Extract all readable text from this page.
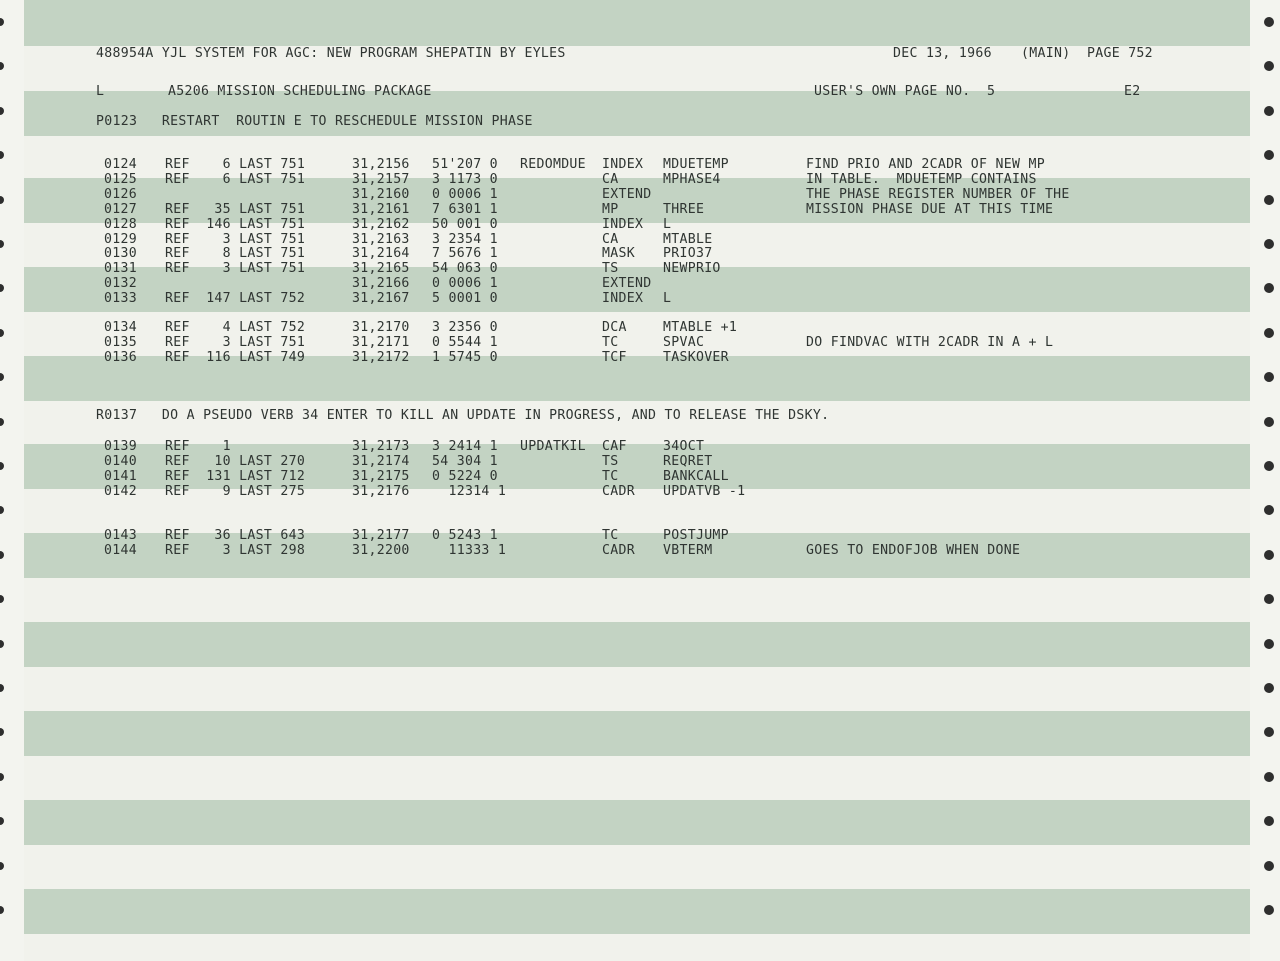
488954A YJL SYSTEM FOR AGC: NEW PROGRAM SHEPATIN BY EYLES	DEC 13, 1966 (MAIN) PAGE 752
L	A5206 MISSION SCHEDULING PACKAGE	USER'S OWN PAGE NO.  5	E2
P0123   RESTART  ROUTIN E TO RESCHEDULE MISSION PHASE
0124 REF    6 LAST 751	31,2156 51'207 0 REDOMDUE INDEX MDUETEMP	FIND PRIO AND 2CADR OF NEW MP
0125 REF    6 LAST 751	31,2157 3 1173 0	CA	MPHASE4	IN TABLE.  MDUETEMP CONTAINS
0126	31,2160 0 0006 1	EXTEND	THE PHASE REGISTER NUMBER OF THE
0127 REF   35 LAST 751	31,2161 7 6301 1	MP	THREE	MISSION PHASE DUE AT THIS TIME
0128 REF  146 LAST 751	31,2162 50 001 0	INDEX L
0129 REF    3 LAST 751	31,2163 3 2354 1	CA	MTABLE
0130 REF    8 LAST 751	31,2164 7 5676 1	MASK PRIO37
0131 REF    3 LAST 751	31,2165 54 063 0	TS	NEWPRIO
0132	31,2166 0 0006 1	EXTEND
0133 REF  147 LAST 752	31,2167 5 0001 0	INDEX L
0134 REF    4 LAST 752	31,2170 3 2356 0	DCA	MTABLE +1
0135 REF    3 LAST 751	31,2171 0 5544 1	TC	SPVAC	DO FINDVAC WITH 2CADR IN A + L
0136 REF  116 LAST 749	31,2172 1 5745 0	TCF	TASKOVER
R0137   DO A PSEUDO VERB 34 ENTER TO KILL AN UPDATE IN PROGRESS, AND TO RELEASE THE DSKY.
0139 REF    1	31,2173 3 2414 1 UPDATKIL CAF	34OCT
0140 REF   10 LAST 270	31,2174 54 304 1	TS	REQRET
0141 REF  131 LAST 712	31,2175 0 5224 0	TC	BANKCALL
0142 REF    9 LAST 275	31,2176 12314 1	CADR UPDATVB -1
0143 REF   36 LAST 643	31,2177 0 5243 1	TC	POSTJUMP
0144 REF    3 LAST 298	31,2200 11333 1	CADR VBTERM	GOES TO ENDOFJOB WHEN DONE
